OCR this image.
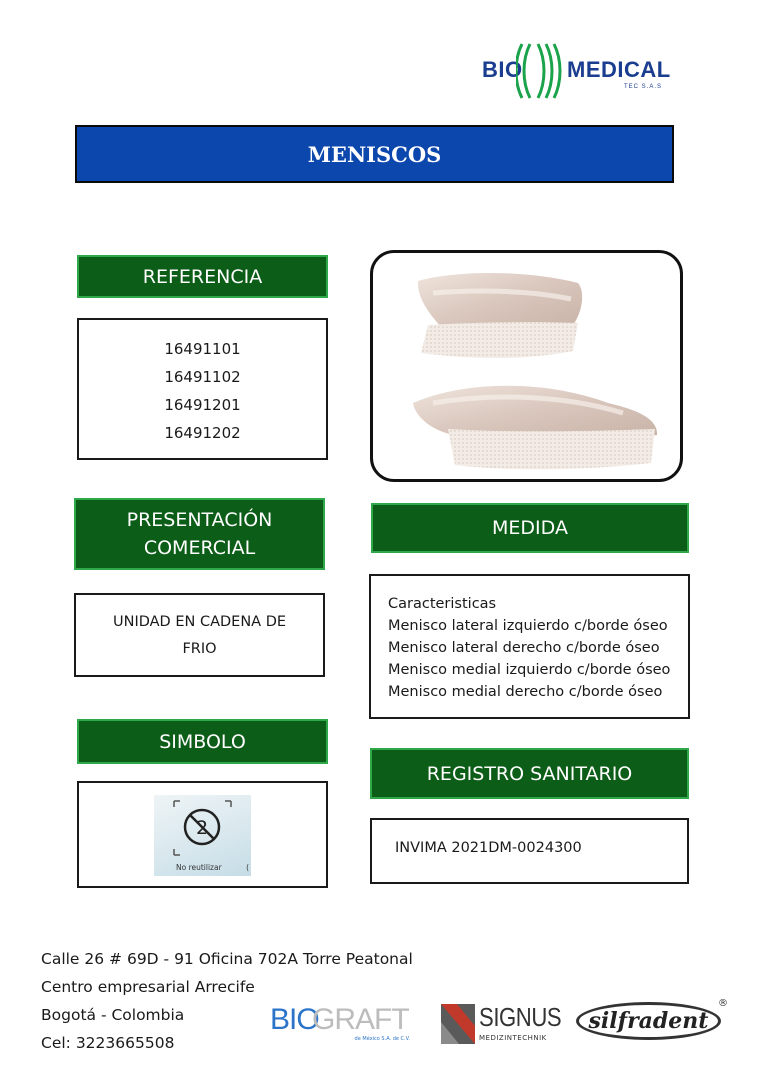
BIO MEDICAL
TEC S.A.S
MENISCOS
REFERENCIA
16491101
16491102
16491201
16491202
PRESENTACIÓN
COMERCIAL
UNIDAD EN CADENA DE
FRIO
MEDIDA
Caracteristicas
Menisco lateral izquierdo c/borde óseo
Menisco lateral derecho c/borde óseo
Menisco medial izquierdo c/borde óseo
Menisco medial derecho c/borde óseo
SIMBOLO
2
No reutilizar	(
REGISTRO SANITARIO
INVIMA 2021DM-0024300
Calle 26 # 69D - 91 Oficina 702A Torre Peatonal
Centro empresarial Arrecife
Bogotá - Colombia
Cel: 3223665508
BIO
GRAFT
de México S.A. de C.V.
SIGNUS
MEDIZINTECHNIK
silfradent
®
